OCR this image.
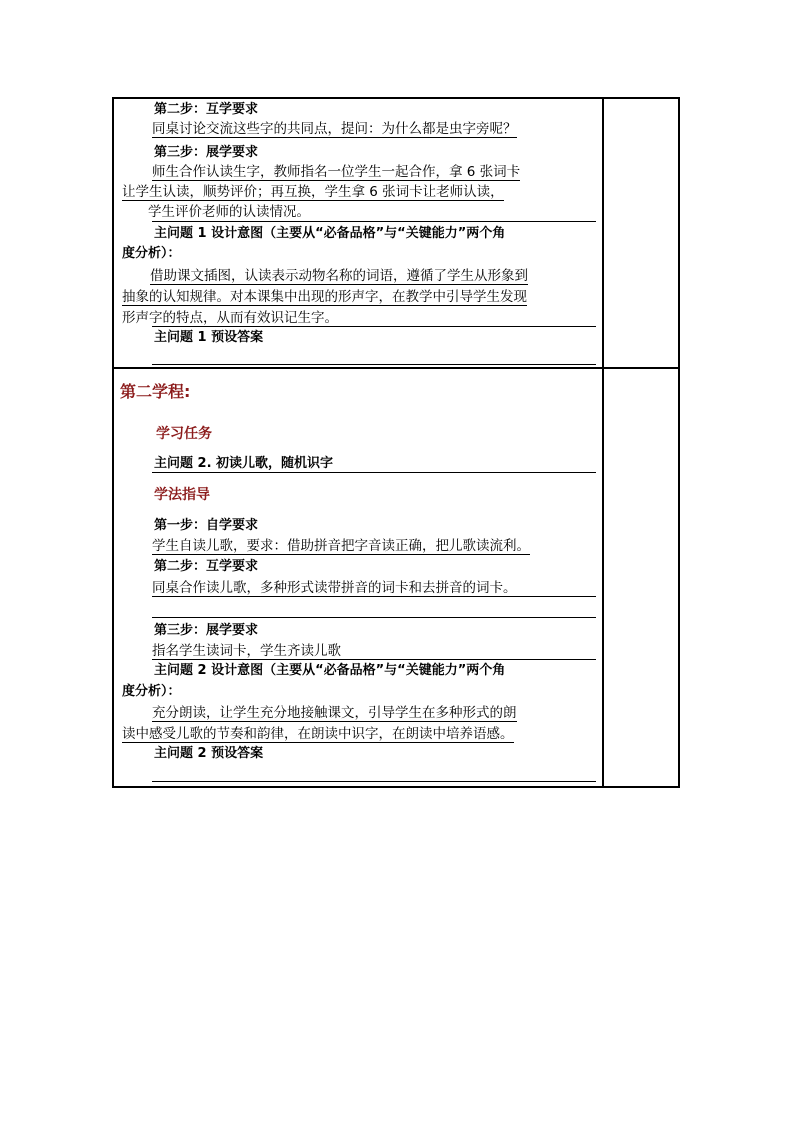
第二步：互学要求
同桌讨论交流这些字的共同点，提问：为什么都是虫字旁呢？
第三步：展学要求
师生合作认读生字，教师指名一位学生一起合作，拿 6 张词卡
让学生认读，顺势评价；再互换，学生拿 6 张词卡让老师认读，
学生评价老师的认读情况。
主问题 1 设计意图（主要从“必备品格”与“关键能力”两个角
度分析）：
借助课文插图，认读表示动物名称的词语，遵循了学生从形象到
抽象的认知规律。对本课集中出现的形声字，在教学中引导学生发现
形声字的特点，从而有效识记生字。
主问题 1 预设答案
第二学程:
学习任务
主问题 2. 初读儿歌，随机识字
学法指导
第一步：自学要求
学生自读儿歌，要求：借助拼音把字音读正确，把儿歌读流利。
第二步：互学要求
同桌合作读儿歌，多种形式读带拼音的词卡和去拼音的词卡。
第三步：展学要求
指名学生读词卡，学生齐读儿歌
主问题 2 设计意图（主要从“必备品格”与“关键能力”两个角
度分析）：
充分朗读，让学生充分地接触课文，引导学生在多种形式的朗
读中感受儿歌的节奏和韵律，在朗读中识字，在朗读中培养语感。
主问题 2 预设答案
